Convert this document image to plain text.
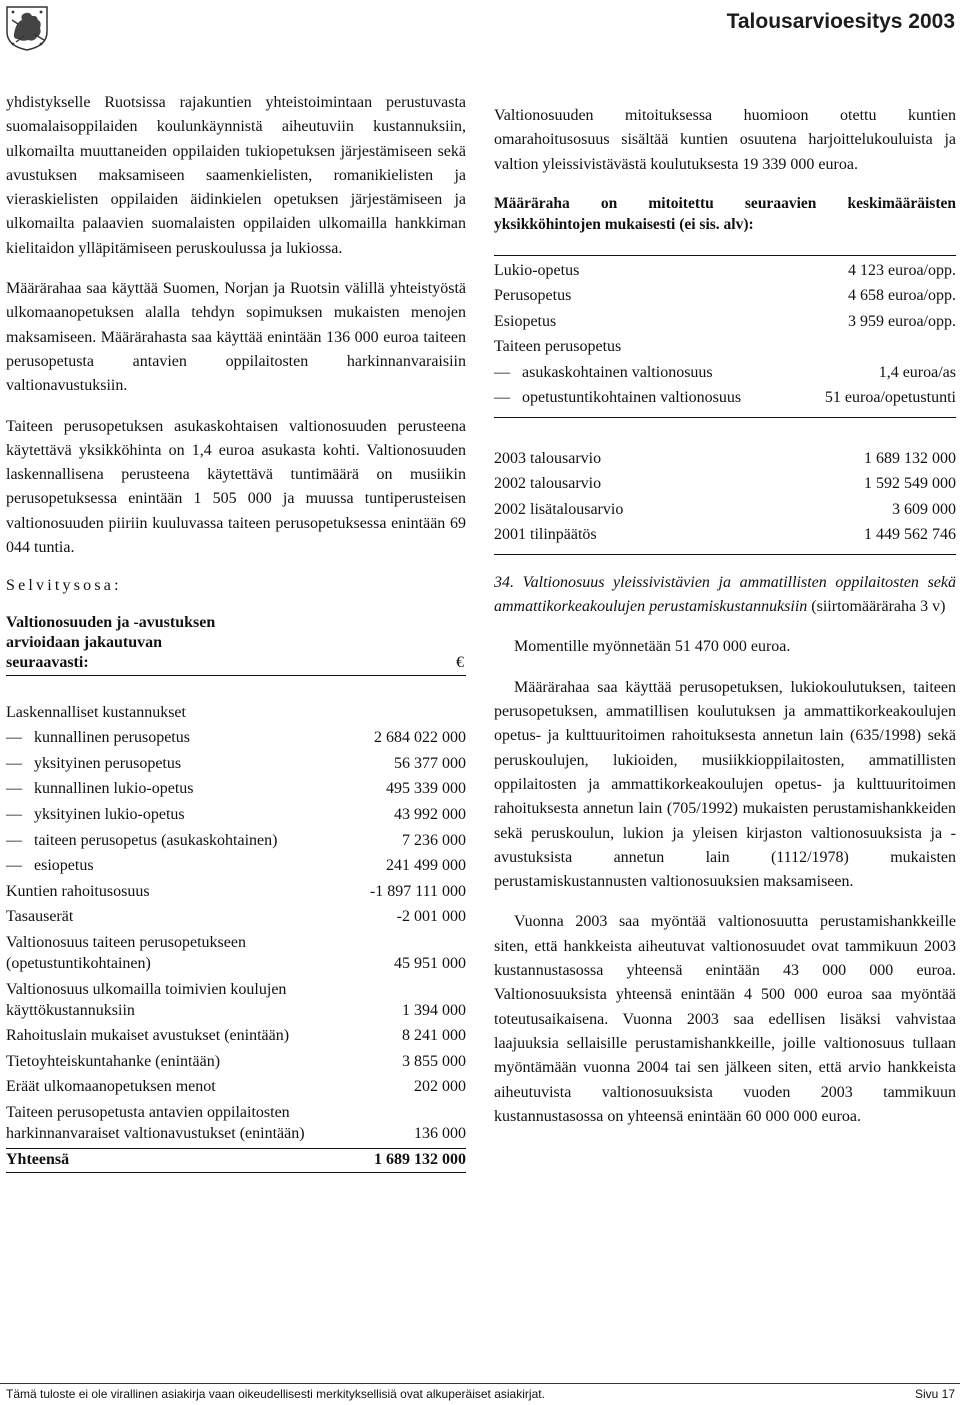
Talousarvioesitys 2003

yhdistykselle Ruotsissa rajakuntien yhteistoimintaan perustuvasta suomalaisoppilaiden koulunkäynnistä aiheutuviin kustannuksiin, ulkomailta muuttaneiden oppilaiden tukiopetuksen järjestämiseen sekä avustuksen maksamiseen saamenkielisten, romanikielisten ja vieraskielisten oppilaiden äidinkielen opetuksen järjestämiseen ja ulkomailta palaavien suomalaisten oppilaiden ulkomailla hankkiman kielitaidon ylläpitämiseen peruskoulussa ja lukiossa.

Määrärahaa saa käyttää Suomen, Norjan ja Ruotsin välillä yhteistyöstä ulkomaanopetuksen alalla tehdyn sopimuksen mukaisten menojen maksamiseen. Määrärahasta saa käyttää enintään 136 000 euroa taiteen perusopetusta antavien oppilaitosten harkinnanvaraisiin valtionavustuksiin.

Taiteen perusopetuksen asukaskohtaisen valtionosuuden perusteena käytettävä yksikköhinta on 1,4 euroa asukasta kohti. Valtionosuuden laskennallisena perusteena käytettävä tuntimäärä on musiikin perusopetuksessa enintään 1 505 000 ja muussa tuntiperusteisen valtionosuuden piiriin kuuluvassa taiteen perusopetuksessa enintään 69 044 tuntia.

Selvitysosa:
Valtionosuuden ja -avustuksen arvioidaan jakautuvan seuraavasti:	€
Laskennalliset kustannukset	
—kunnallinen perusopetus	2 684 022 000
—yksityinen perusopetus	56 377 000
—kunnallinen lukio-opetus	495 339 000
—yksityinen lukio-opetus	43 992 000
—taiteen perusopetus (asukaskohtainen)	7 236 000
—esiopetus	241 499 000
Kuntien rahoitusosuus	-1 897 111 000
Tasauserät	-2 001 000
Valtionosuus taiteen perusopetukseen (opetustuntikohtainen)	45 951 000
Valtionosuus ulkomailla toimivien koulujen käyttökustannuksiin	1 394 000
Rahoituslain mukaiset avustukset (enintään)	8 241 000
Tietoyhteiskuntahanke (enintään)	3 855 000
Eräät ulkomaanopetuksen menot	202 000
Taiteen perusopetusta antavien oppilaitosten harkinnanvaraiset valtionavustukset (enintään)	136 000

Yhteensä	1 689 132 000

Valtionosuuden mitoituksessa huomioon otettu kuntien omarahoitusosuus sisältää kuntien osuutena harjoittelukouluista ja valtion yleissivistävästä koulutuksesta 19 339 000 euroa.

Määräraha on mitoitettu seuraavien keskimääräisten yksikköhintojen mukaisesti (ei sis. alv):

Lukio-opetus	4 123 euroa/opp.
Perusopetus	4 658 euroa/opp.
Esiopetus	3 959 euroa/opp.
Taiteen perusopetus	
—asukaskohtainen valtionosuus	1,4 euroa/as
—opetustuntikohtainen valtionosuus	51 euroa/opetustunti
2003 talousarvio	1 689 132 000
2002 talousarvio	1 592 549 000
2002 lisätalousarvio	3 609 000
2001 tilinpäätös	1 449 562 746

34. Valtionosuus yleissivistävien ja ammatillisten oppilaitosten sekä ammattikorkeakoulujen perustamiskustannuksiin (siirtomääräraha 3 v)

Momentille myönnetään 51 470 000 euroa.

Määrärahaa saa käyttää perusopetuksen, lukiokoulutuksen, taiteen perusopetuksen, ammatillisen koulutuksen ja ammattikorkeakoulujen opetus- ja kulttuuritoimen rahoituksesta annetun lain (635/1998) sekä peruskoulujen, lukioiden, musiikkioppilaitosten, ammatillisten oppilaitosten ja ammattikorkeakoulujen opetus- ja kulttuuritoimen rahoituksesta annetun lain (705/1992) mukaisten perustamishankkeiden sekä peruskoulun, lukion ja yleisen kirjaston valtionosuuksista ja -avustuksista annetun lain (1112/1978) mukaisten perustamiskustannusten valtionosuuksien maksamiseen.

Vuonna 2003 saa myöntää valtionosuutta perustamishankkeille siten, että hankkeista aiheutuvat valtionosuudet ovat tammikuun 2003 kustannustasossa yhteensä enintään 43 000 000 euroa. Valtionosuuksista yhteensä enintään 4 500 000 euroa saa myöntää toteutusaikaisena. Vuonna 2003 saa edellisen lisäksi vahvistaa laajuuksia sellaisille perustamishankkeille, joille valtionosuus tullaan myöntämään vuonna 2004 tai sen jälkeen siten, että arvio hankkeista aiheutuvista valtionosuuksista vuoden 2003 tammikuun kustannustasossa on yhteensä enintään 60 000 000 euroa.

Tämä tuloste ei ole virallinen asiakirja vaan oikeudellisesti merkityksellisiä ovat alkuperäiset asiakirjat.	Sivu 17
